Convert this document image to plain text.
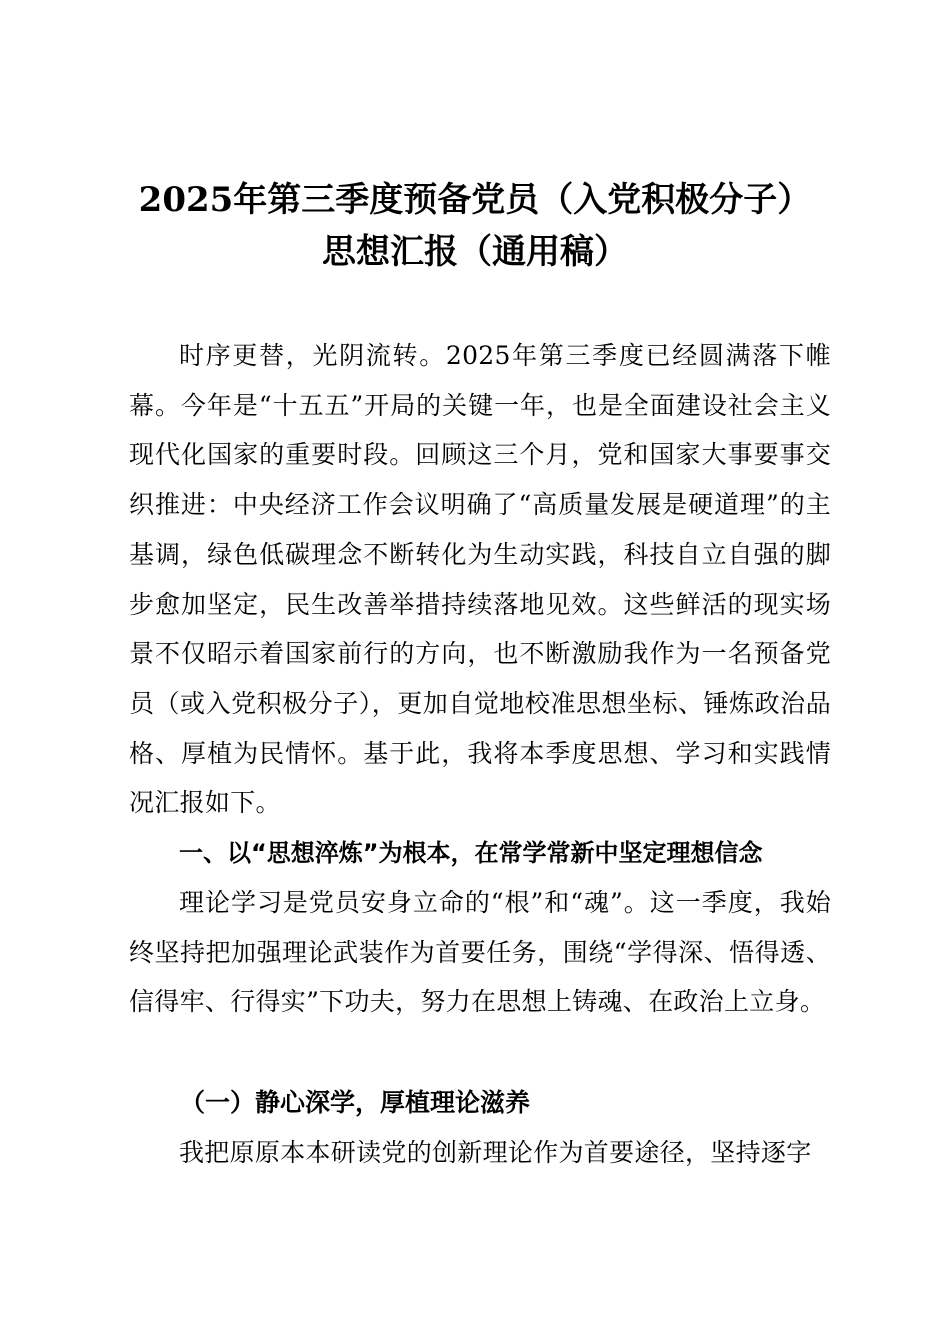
2025年第三季度预备党员（入党积极分子）
思想汇报（通用稿）

时序更替，光阴流转。2025年第三季度已经圆满落下帷幕。今年是“十五五”开局的关键一年，也是全面建设社会主义现代化国家的重要时段。回顾这三个月，党和国家大事要事交织推进：中央经济工作会议明确了“高质量发展是硬道理”的主基调，绿色低碳理念不断转化为生动实践，科技自立自强的脚步愈加坚定，民生改善举措持续落地见效。这些鲜活的现实场景不仅昭示着国家前行的方向，也不断激励我作为一名预备党员（或入党积极分子），更加自觉地校准思想坐标、锤炼政治品格、厚植为民情怀。基于此，我将本季度思想、学习和实践情况汇报如下。

一、以“思想淬炼”为根本，在常学常新中坚定理想信念

理论学习是党员安身立命的“根”和“魂”。这一季度，我始终坚持把加强理论武装作为首要任务，围绕“学得深、悟得透、信得牢、行得实”下功夫，努力在思想上铸魂、在政治上立身。

（一）静心深学，厚植理论滋养

我把原原本本研读党的创新理论作为首要途径，坚持逐字
